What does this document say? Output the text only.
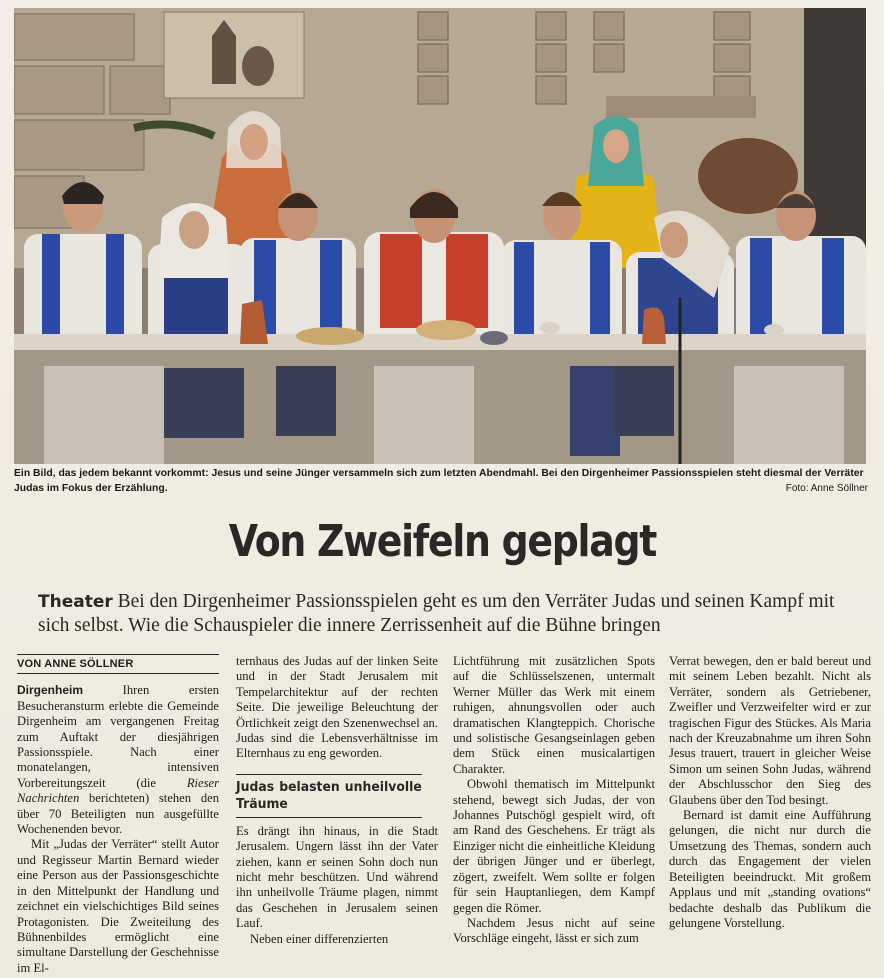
Ein Bild, das jedem bekannt vorkommt: Jesus und seine Jünger versammeln sich zum letzten Abendmahl. Bei den Dirgenheimer Passionsspielen steht diesmal der Verräter Judas im Fokus der Erzählung.	Foto: Anne Söllner
Von Zweifeln geplagt
Theater Bei den Dirgenheimer Passionsspielen geht es um den Verräter Judas und seinen Kampf mit sich selbst. Wie die Schauspieler die innere Zerrissenheit auf die Bühne bringen
VON ANNE SÖLLNER

Dirgenheim Ihren ersten Besucheransturm erlebte die Gemeinde Dirgenheim am vergangenen Freitag zum Auftakt der diesjährigen Passionsspiele. Nach einer monatelangen, intensiven Vorbereitungszeit (die Rieser Nachrichten berichteten) stehen den über 70 Beteiligten nun ausgefüllte Wochenenden bevor.

Mit „Judas der Verräter“ stellt Autor und Regisseur Martin Bernard wieder eine Person aus der Passionsgeschichte in den Mittelpunkt der Handlung und zeichnet ein vielschichtiges Bild seines Protagonisten. Die Zweiteilung des Bühnenbildes ermöglicht eine simultane Darstellung der Geschehnisse im El-

ternhaus des Judas auf der linken Seite und in der Stadt Jerusalem mit Tempelarchitektur auf der rechten Seite. Die jeweilige Beleuchtung der Örtlichkeit zeigt den Szenenwechsel an. Judas sind die Lebensverhältnisse im Elternhaus zu eng geworden.

Judas belasten unheilvolle Träume

Es drängt ihn hinaus, in die Stadt Jerusalem. Ungern lässt ihn der Vater ziehen, kann er seinen Sohn doch nun nicht mehr beschützen. Und während ihn unheilvolle Träume plagen, nimmt das Geschehen in Jerusalem seinen Lauf.

Neben einer differenzierten

Lichtführung mit zusätzlichen Spots auf die Schlüsselszenen, untermalt Werner Müller das Werk mit einem ruhigen, ahnungsvollen oder auch dramatischen Klangteppich. Chorische und solistische Gesangseinlagen geben dem Stück einen musicalartigen Charakter.

Obwohl thematisch im Mittelpunkt stehend, bewegt sich Judas, der von Johannes Putschögl gespielt wird, oft am Rand des Geschehens. Er trägt als Einziger nicht die einheitliche Kleidung der übrigen Jünger und er überlegt, zögert, zweifelt. Wem sollte er folgen für sein Hauptanliegen, dem Kampf gegen die Römer.

Nachdem Jesus nicht auf seine Vorschläge eingeht, lässt er sich zum

Verrat bewegen, den er bald bereut und mit seinem Leben bezahlt. Nicht als Verräter, sondern als Getriebener, Zweifler und Verzweifelter wird er zur tragischen Figur des Stückes. Als Maria nach der Kreuzabnahme um ihren Sohn Jesus trauert, trauert in gleicher Weise Simon um seinen Sohn Judas, während der Abschlusschor den Sieg des Glaubens über den Tod besingt.

Bernard ist damit eine Aufführung gelungen, die nicht nur durch die Umsetzung des Themas, sondern auch durch das Engagement der vielen Beteiligten beeindruckt. Mit großem Applaus und mit „standing ovations“ bedachte deshalb das Publikum die gelungene Vorstellung.
